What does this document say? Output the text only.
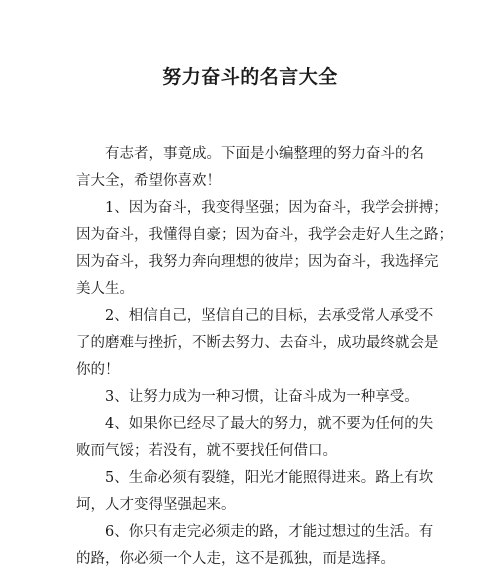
努力奋斗的名言大全

有志者，事竟成。下面是小编整理的努力奋斗的名
言大全，希望你喜欢！

1、因为奋斗，我变得坚强；因为奋斗，我学会拼搏；
因为奋斗，我懂得自豪；因为奋斗，我学会走好人生之路；
因为奋斗，我努力奔向理想的彼岸；因为奋斗，我选择完
美人生。

2、相信自己，坚信自己的目标，去承受常人承受不
了的磨难与挫折，不断去努力、去奋斗，成功最终就会是
你的！

3、让努力成为一种习惯，让奋斗成为一种享受。

4、如果你已经尽了最大的努力，就不要为任何的失
败而气馁；若没有，就不要找任何借口。

5、生命必须有裂缝，阳光才能照得进来。路上有坎
坷，人才变得坚强起来。

6、你只有走完必须走的路，才能过想过的生活。有
的路，你必须一个人走，这不是孤独，而是选择。
